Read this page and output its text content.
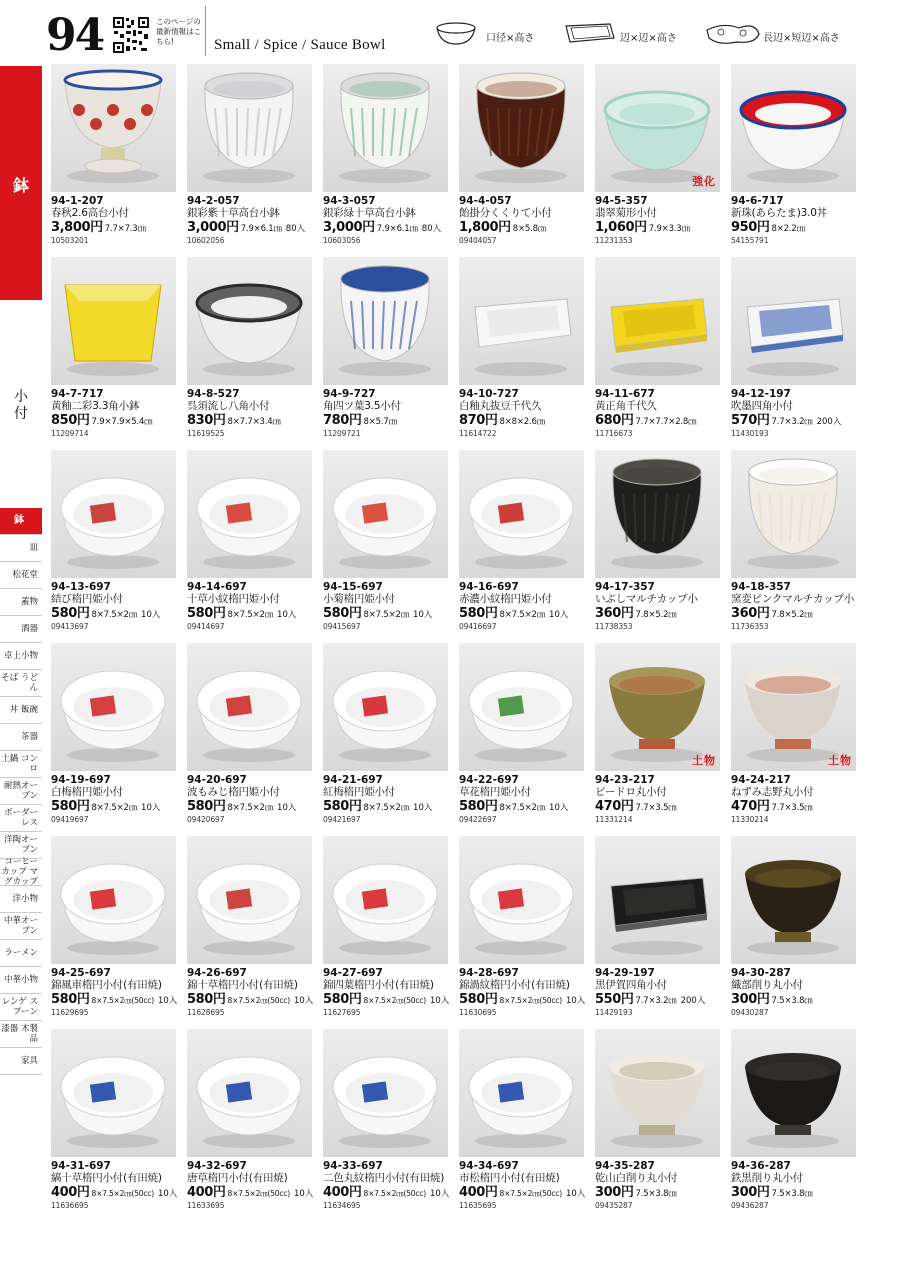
94	このページの最新情報はこちら!	Small / Spice / Sauce Bowl	口径×高さ	辺×辺×高さ	長辺×短辺×高さ
鉢
小付
鉢
皿
松花堂
蓋物
酒器
卓上小物
そば うどん
丼 飯碗
茶器
土鍋 コンロ
耐熱オーブン
ボーダーレス
洋陶オーブン
コーヒーカップ マグカップ
洋小物
中華オーブン
ラーメン
中華小物
レンゲ スプーン
漆器 木製品
家具
94-1-207
春秋2.6高台小付
3,800円 7.7×7.3㎝
10503201
94-2-057
銀彩紫十草高台小鉢
3,000円 7.9×6.1㎝ 80入
10602056
94-3-057
銀彩緑十草高台小鉢
3,000円 7.9×6.1㎝ 80入
10603056
94-4-057
飴掛分くくりて小付
1,800円 8×5.8㎝
09404057
強化
94-5-357
翡翠菊形小付
1,060円 7.9×3.3㎝
11231353
94-6-717
新珠(あらたま)3.0丼
950円 8×2.2㎝
54155791
94-7-717
黄釉二彩3.3角小鉢
850円 7.9×7.9×5.4㎝
11209714
94-8-527
呉須流し八角小付
830円 8×7.7×3.4㎝
11619525
94-9-727
角四ツ葉3.5小付
780円 8×5.7㎝
11209721
94-10-727
白釉丸抜豆千代久
870円 8×8×2.6㎝
11614722
94-11-677
黄正角千代久
680円 7.7×7.7×2.8㎝
11716673
94-12-197
吹墨四角小付
570円 7.7×3.2㎝ 200入
11430193
94-13-697
結び楕円姫小付
580円 8×7.5×2㎝ 10入
09413697
94-14-697
十草小紋楕円姫小付
580円 8×7.5×2㎝ 10入
09414697
94-15-697
小菊楕円姫小付
580円 8×7.5×2㎝ 10入
09415697
94-16-697
赤濃小紋楕円姫小付
580円 8×7.5×2㎝ 10入
09416697
94-17-357
いぶしマルチカップ小
360円 7.8×5.2㎝
11738353
94-18-357
窯変ピンクマルチカップ小
360円 7.8×5.2㎝
11736353
94-19-697
白梅楕円姫小付
580円 8×7.5×2㎝ 10入
09419697
94-20-697
波もみじ楕円姫小付
580円 8×7.5×2㎝ 10入
09420697
94-21-697
紅梅楕円姫小付
580円 8×7.5×2㎝ 10入
09421697
94-22-697
草花楕円姫小付
580円 8×7.5×2㎝ 10入
09422697
土物
94-23-217
ビードロ丸小付
470円 7.7×3.5㎝
11331214
土物
94-24-217
ねずみ志野丸小付
470円 7.7×3.5㎝
11330214
94-25-697
錦風車楕円小付(有田焼)
580円 8×7.5×2㎝(50cc) 10入
11629695
94-26-697
錦十草楕円小付(有田焼)
580円 8×7.5×2㎝(50cc) 10入
11628695
94-27-697
錦四葉楕円小付(有田焼)
580円 8×7.5×2㎝(50cc) 10入
11627695
94-28-697
錦渦紋楕円小付(有田焼)
580円 8×7.5×2㎝(50cc) 10入
11630695
94-29-197
黒伊賀四角小付
550円 7.7×3.2㎝ 200入
11429193
94-30-287
織部削り丸小付
300円 7.5×3.8㎝
09430287
94-31-697
縞十草楕円小付(有田焼)
400円 8×7.5×2㎝(50cc) 10入
11636695
94-32-697
唐草楕円小付(有田焼)
400円 8×7.5×2㎝(50cc) 10入
11633695
94-33-697
二色丸紋楕円小付(有田焼)
400円 8×7.5×2㎝(50cc) 10入
11634695
94-34-697
市松楕円小付(有田焼)
400円 8×7.5×2㎝(50cc) 10入
11635695
94-35-287
乾山白削り丸小付
300円 7.5×3.8㎝
09435287
94-36-287
鉄黒削り丸小付
300円 7.5×3.8㎝
09436287
